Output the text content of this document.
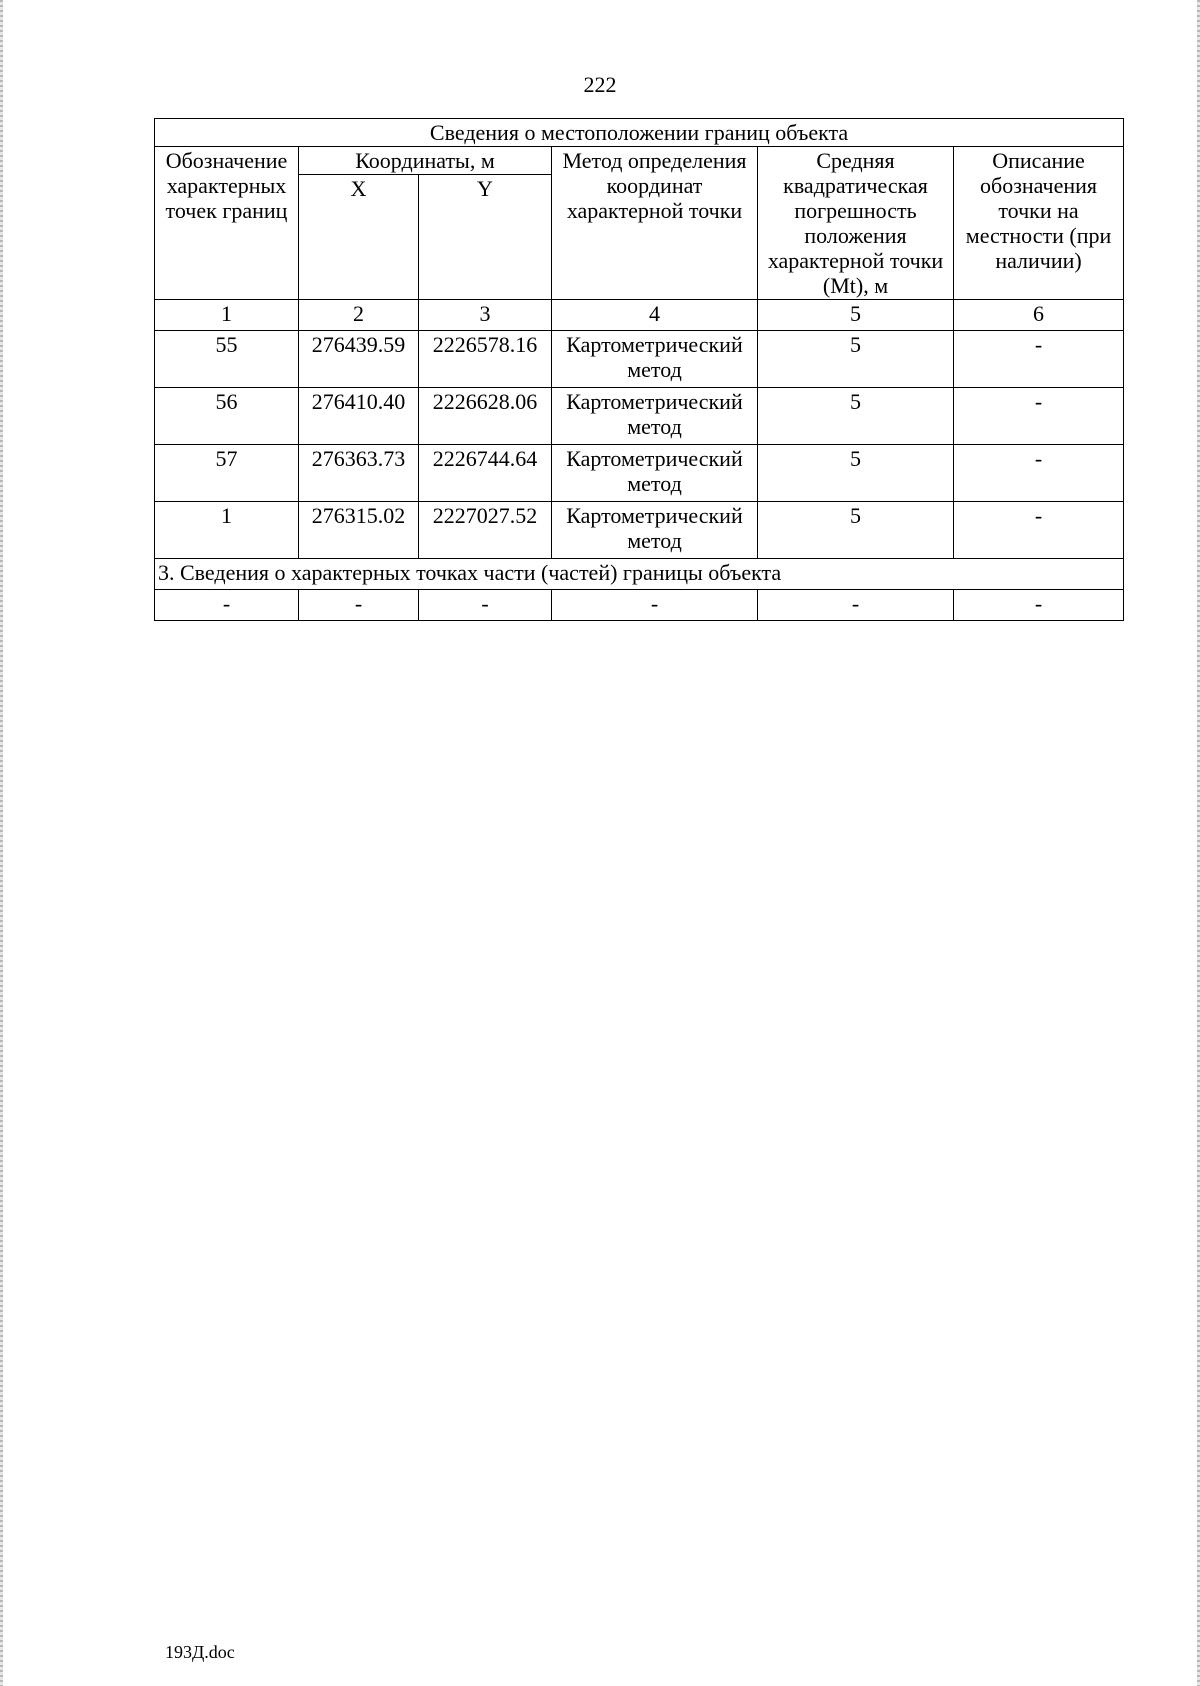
222
Сведения о местоположении границ объекта					
Обозначение характерных точек границ	Координаты, м		Метод определения координат характерной точки	Средняя квадратическая погрешность положения характерной точки (Mt), м	Описание обозначения точки на местности (при наличии)
	X	Y			
1	2	3	4	5	6
55	276439.59	2226578.16	Картометрический метод	5	-
56	276410.40	2226628.06	Картометрический метод	5	-
57	276363.73	2226744.64	Картометрический метод	5	-
1	276315.02	2227027.52	Картометрический метод	5	-
3. Сведения о характерных точках части (частей) границы объекта					
-	-	-	-	-	-
193Д.doc
